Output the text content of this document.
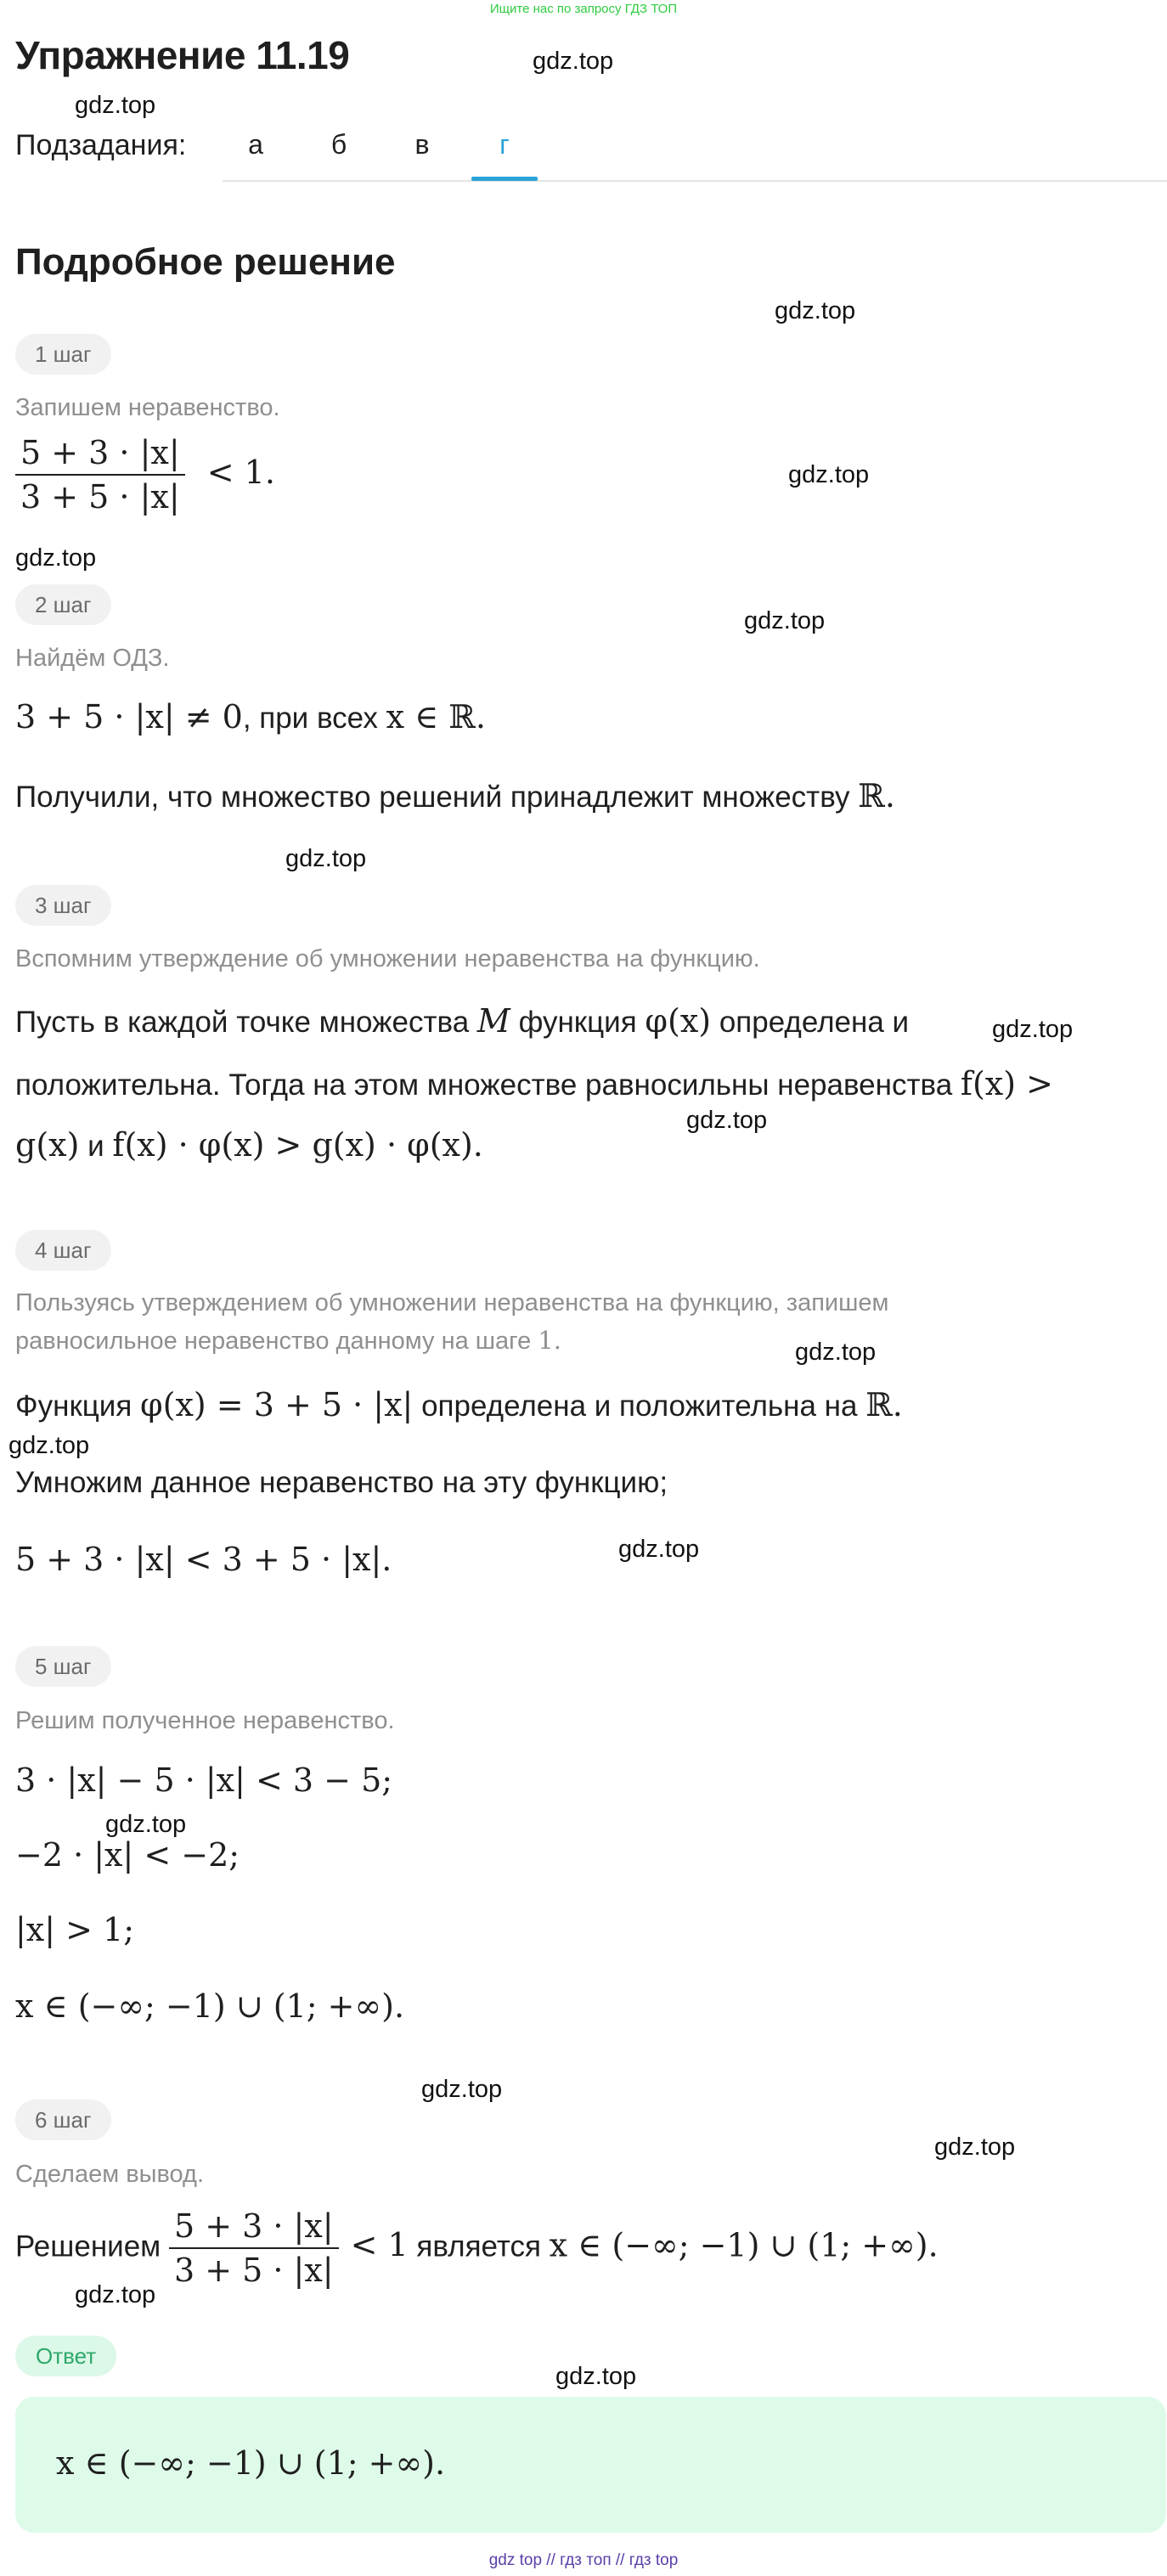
Ищите нас по запросу ГДЗ ТОП
Упражнение 11.19	gdz.top
gdz.top
gdz.top
gdz.top
gdz.top
gdz.top
gdz.top
gdz.top
gdz.top
gdz.top
gdz.top
gdz.top
gdz.top
gdz.top
gdz.top
gdz.top
gdz.top
Подзадания:	а	б	в	г
Подробное решение
1 шаг
Запишем неравенство.
$\frac{5 + 3 \cdot |x|}{3 + 5 \cdot |x|} < 1$.
2 шаг
Найдём ОДЗ.
3 + 5 · |x| ≠ 0, при всех x ∈ ℝ.
Получили, что множество решений принадлежит множеству ℝ.
3 шаг
Вспомним утверждение об умножении неравенства на функцию.
Пусть в каждой точке множества M функция φ(x) определена и
положительна. Тогда на этом множестве равносильны неравенства f(x) >
g(x) и f(x) · φ(x) > g(x) · φ(x).
4 шаг
Пользуясь утверждением об умножении неравенства на функцию, запишем
равносильное неравенство данному на шаге 1.
Функция φ(x) = 3 + 5 · |x| определена и положительна на ℝ.
Умножим данное неравенство на эту функцию;
5 + 3 · |x| < 3 + 5 · |x|.
5 шаг
Решим полученное неравенство.
3 · |x| − 5 · |x| < 3 − 5;
−2 · |x| < −2;
|x| > 1;
x ∈ (−∞; −1) ∪ (1; +∞).
6 шаг
Сделаем вывод.
Решением $\frac{5 + 3 \cdot |x|}{3 + 5 \cdot |x|} < 1$ является x ∈ (−∞; −1) ∪ (1; +∞).
Ответ
x ∈ (−∞; −1) ∪ (1; +∞).
gdz top // гдз топ // гдз top
